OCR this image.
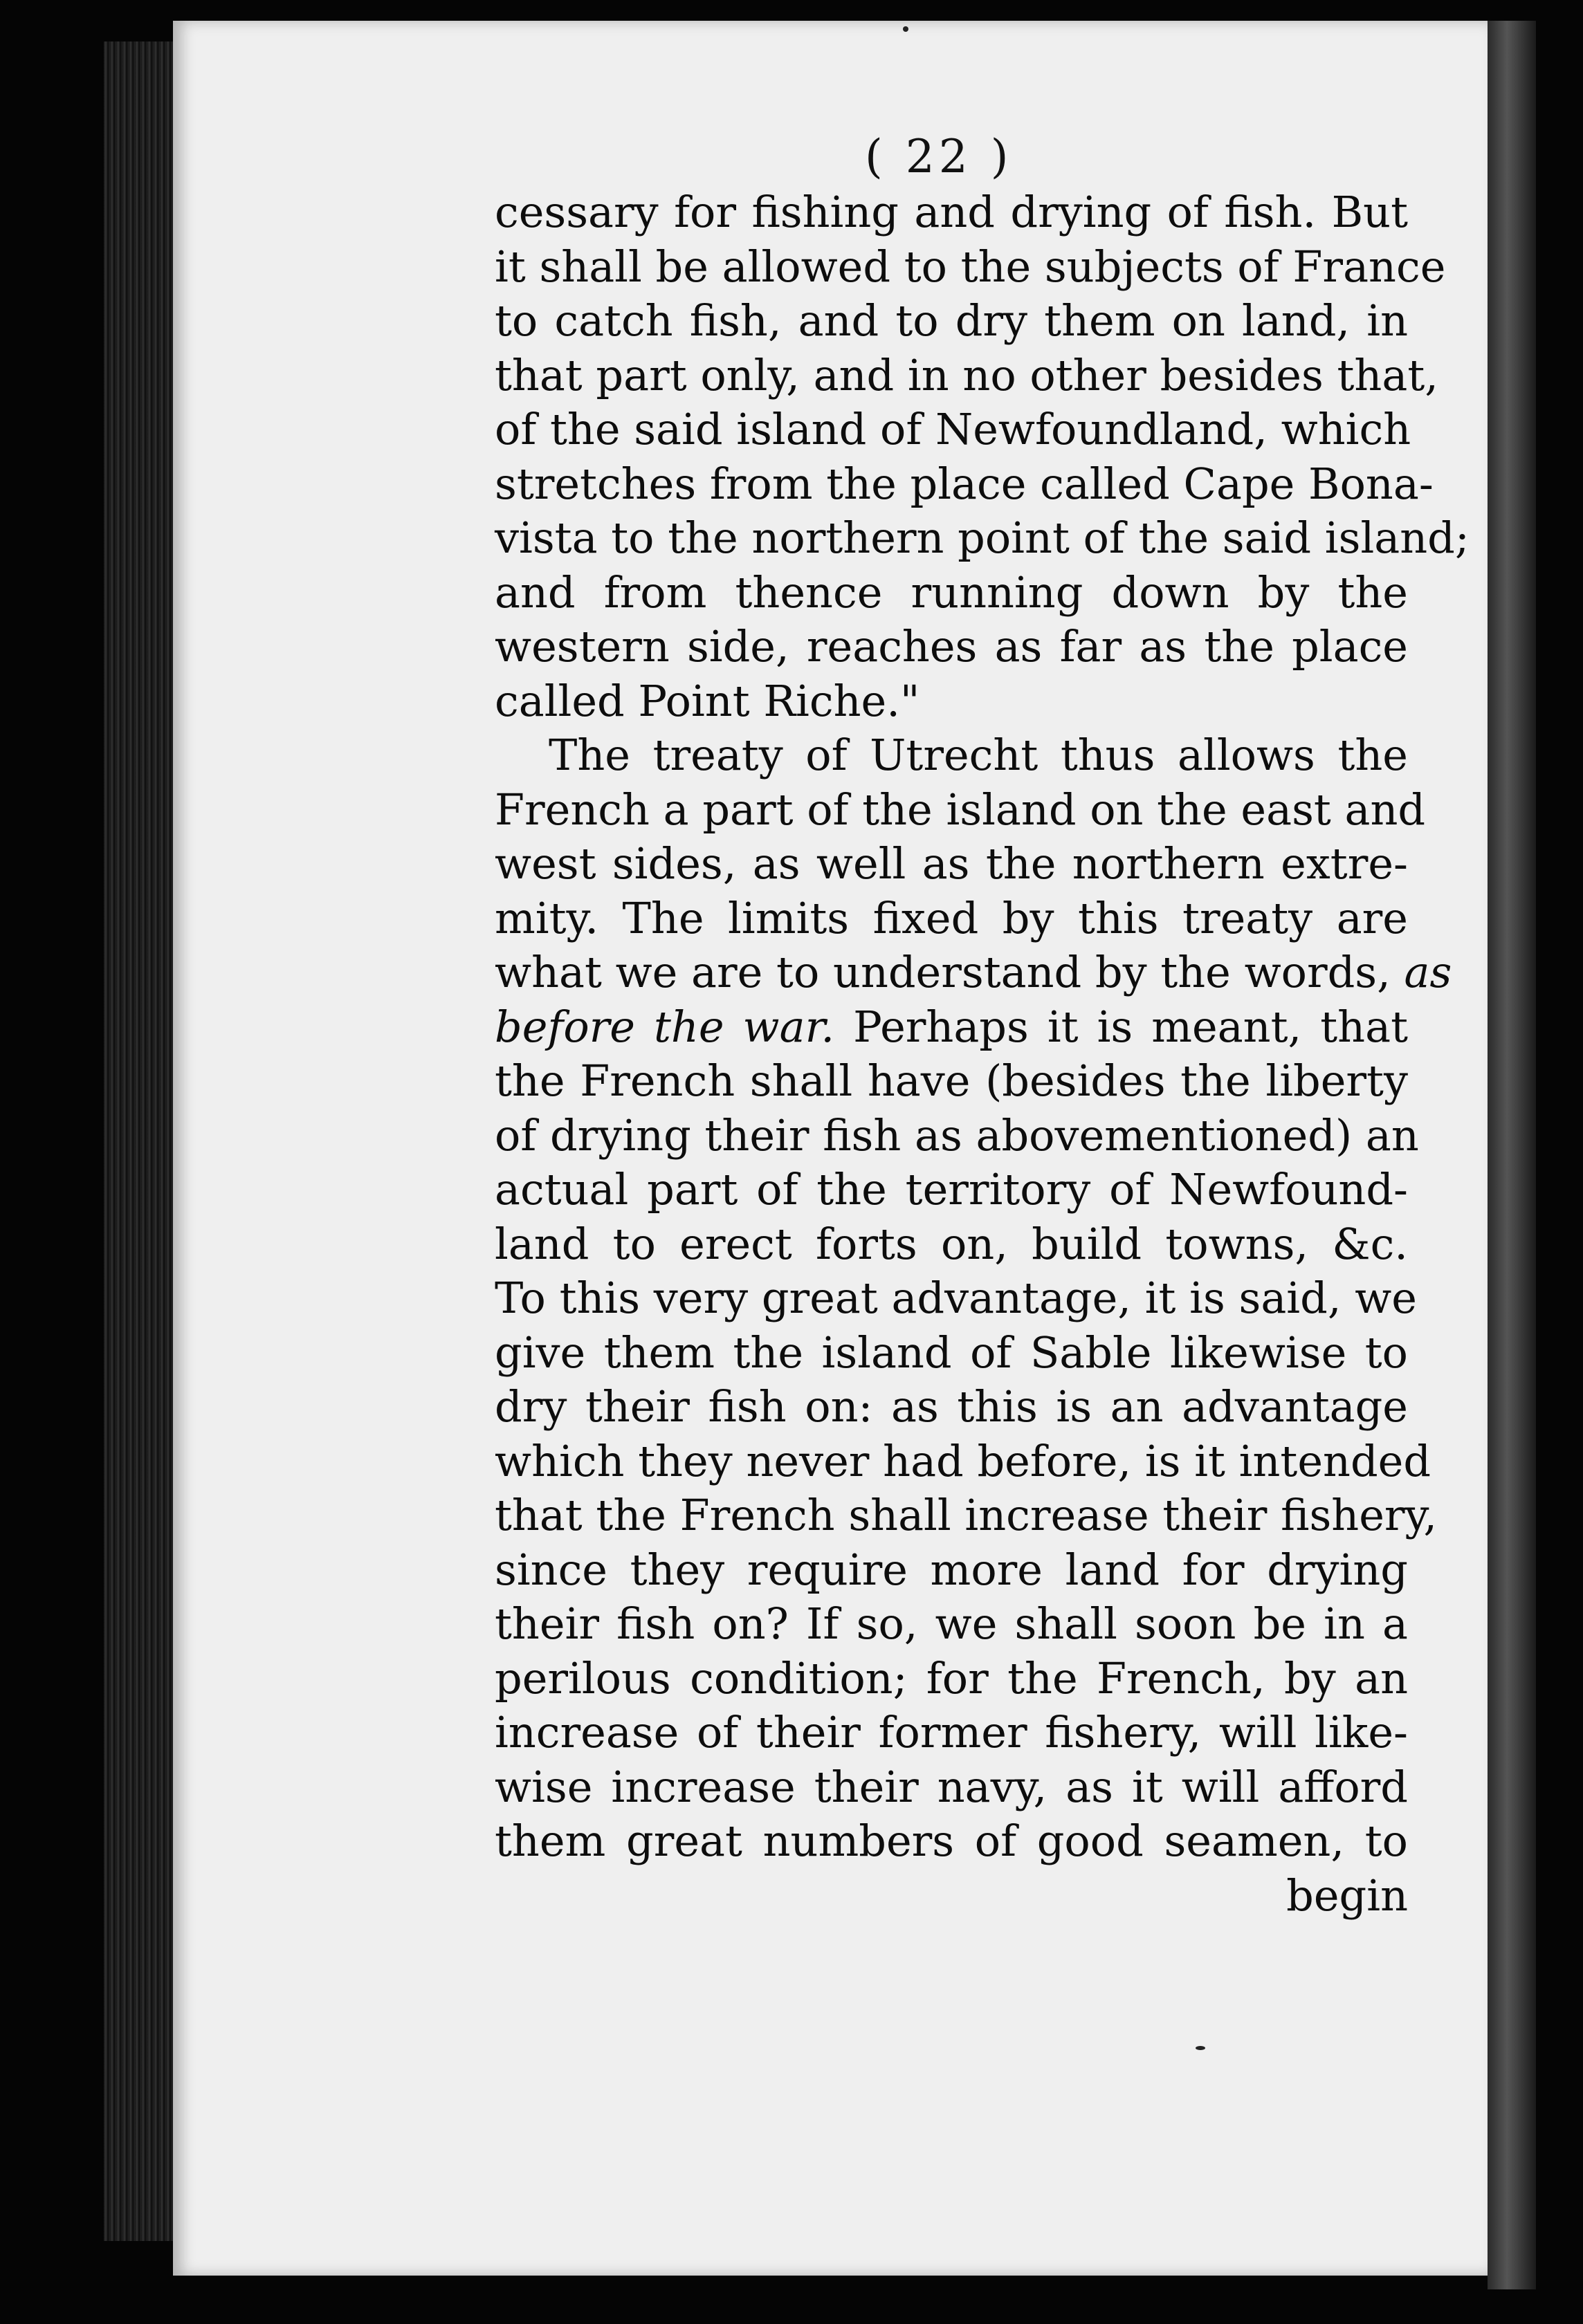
( 22 )
cessary for fishing and drying of fish. But
it shall be allowed to the subjects of France
to catch fish, and to dry them on land, in
that part only, and in no other besides that,
of the said island of Newfoundland, which
stretches from the place called Cape Bona-
vista to the northern point of the said island;
and from thence running down by the
western side, reaches as far as the place
called Point Riche."
The treaty of Utrecht thus allows the
French a part of the island on the east and
west sides, as well as the northern extre-
mity. The limits fixed by this treaty are
what we are to understand by the words, as
before the war. Perhaps it is meant, that
the French shall have (besides the liberty
of drying their fish as abovementioned) an
actual part of the territory of Newfound-
land to erect forts on, build towns, &c.
To this very great advantage, it is said, we
give them the island of Sable likewise to
dry their fish on: as this is an advantage
which they never had before, is it intended
that the French shall increase their fishery,
since they require more land for drying
their fish on? If so, we shall soon be in a
perilous condition; for the French, by an
increase of their former fishery, will like-
wise increase their navy, as it will afford
them great numbers of good seamen, to
begin
